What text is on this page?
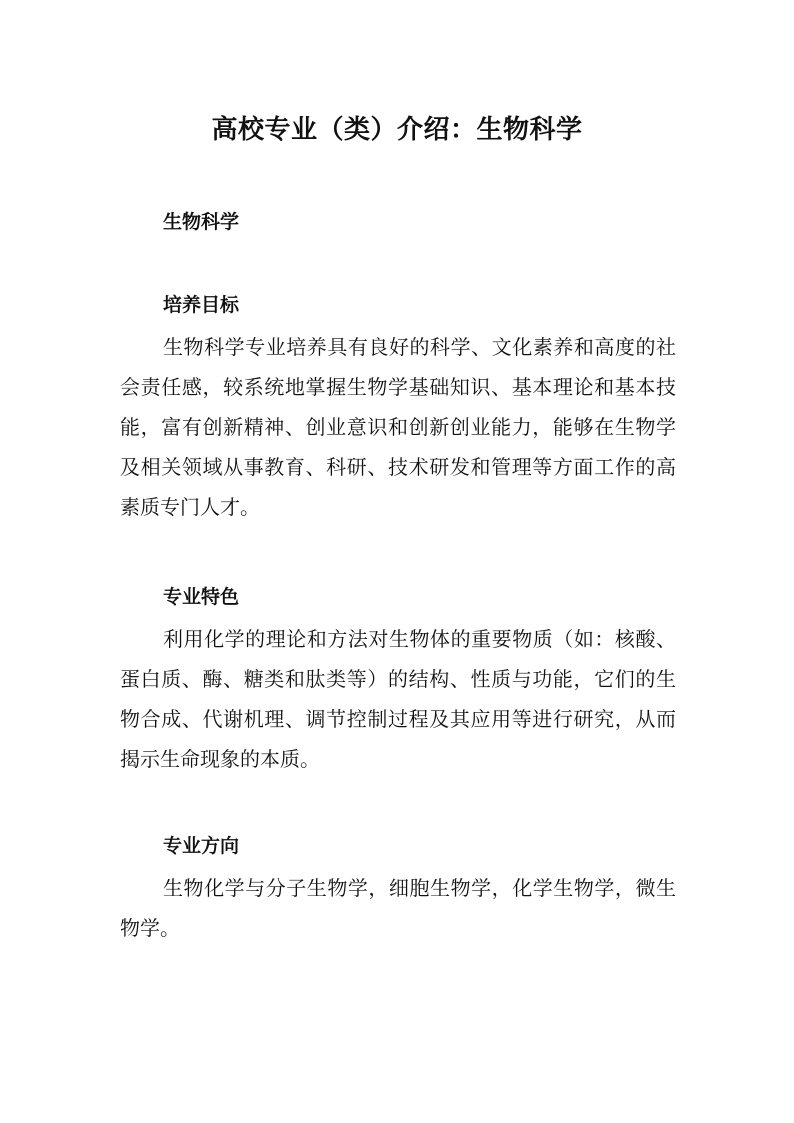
高校专业（类）介绍：生物科学
生物科学
培养目标

生物科学专业培养具有良好的科学、文化素养和高度的社会责任感，较系统地掌握生物学基础知识、基本理论和基本技能，富有创新精神、创业意识和创新创业能力，能够在生物学及相关领域从事教育、科研、技术研发和管理等方面工作的高素质专门人才。

专业特色

利用化学的理论和方法对生物体的重要物质（如：核酸、蛋白质、酶、糖类和肽类等）的结构、性质与功能，它们的生物合成、代谢机理、调节控制过程及其应用等进行研究，从而揭示生命现象的本质。

专业方向

生物化学与分子生物学，细胞生物学，化学生物学，微生物学。
